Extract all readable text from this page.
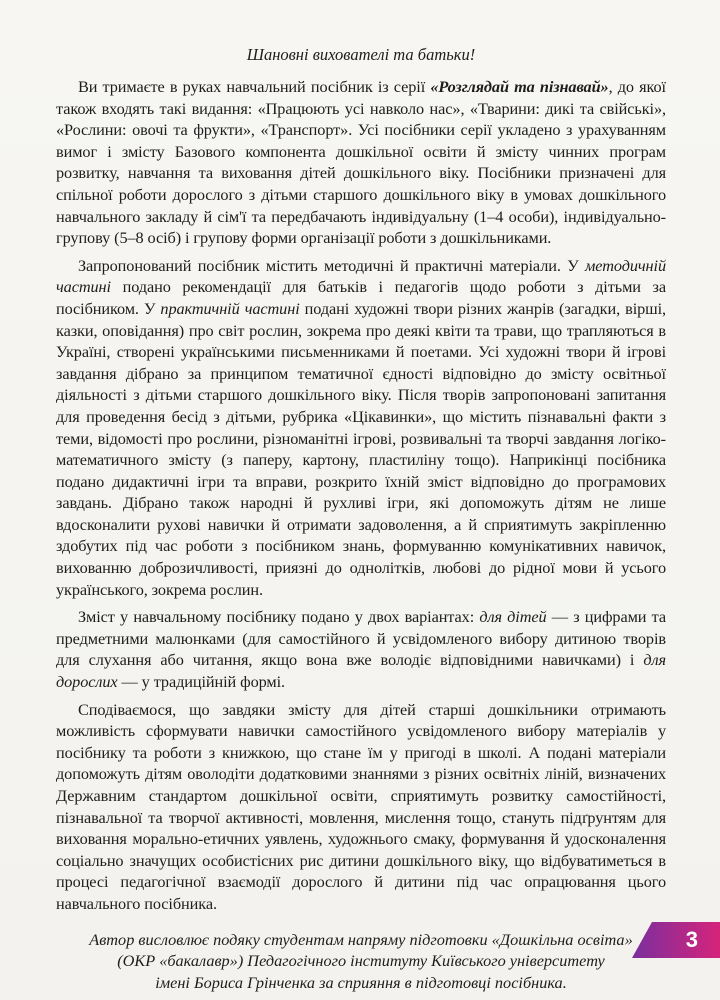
Шановні вихователі та батьки!

Ви тримаєте в руках навчальний посібник із серії «Розглядай та пізнавай», до якої також входять такі видання: «Працюють усі навколо нас», «Тварини: дикі та свійські», «Рослини: овочі та фрукти», «Транспорт». Усі посібники серії укладено з урахуванням вимог і змісту Базового компонента дошкільної освіти й змісту чинних програм розвитку, навчання та виховання дітей дошкільного віку. Посібники призначені для спільної роботи дорослого з дітьми старшого дошкільного віку в умовах дошкільного навчального закладу й сім'ї та передбачають індивідуальну (1–4 особи), індивідуально-групову (5–8 осіб) і групову форми організації роботи з дошкільниками.

Запропонований посібник містить методичні й практичні матеріали. У методичній частині подано рекомендації для батьків і педагогів щодо роботи з дітьми за посібником. У практичній частині подані художні твори різних жанрів (загадки, вірші, казки, оповідання) про світ рослин, зокрема про деякі квіти та трави, що трапляються в Україні, створені українськими письменниками й поетами. Усі художні твори й ігрові завдання дібрано за принципом тематичної єдності відповідно до змісту освітньої діяльності з дітьми старшого дошкільного віку. Після творів запропоновані запитання для проведення бесід з дітьми, рубрика «Цікавинки», що містить пізнавальні факти з теми, відомості про рослини, різноманітні ігрові, розвивальні та творчі завдання логіко-математичного змісту (з паперу, картону, пластиліну тощо). Наприкінці посібника подано дидактичні ігри та вправи, розкрито їхній зміст відповідно до програмових завдань. Дібрано також народні й рухливі ігри, які допоможуть дітям не лише вдосконалити рухові навички й отримати задоволення, а й сприятимуть закріпленню здобутих під час роботи з посібником знань, формуванню комунікативних навичок, вихованню доброзичливості, приязні до однолітків, любові до рідної мови й усього українського, зокрема рослин.

Зміст у навчальному посібнику подано у двох варіантах: для дітей — з цифрами та предметними малюнками (для самостійного й усвідомленого вибору дитиною творів для слухання або читання, якщо вона вже володіє відповідними навичками) і для дорослих — у традиційній формі.

Сподіваємося, що завдяки змісту для дітей старші дошкільники отримають можливість сформувати навички самостійного усвідомленого вибору матеріалів у посібнику та роботи з книжкою, що стане їм у пригоді в школі. А подані матеріали допоможуть дітям оволодіти додатковими знаннями з різних освітніх ліній, визначених Державним стандартом дошкільної освіти, сприятимуть розвитку самостійності, пізнавальної та творчої активності, мовлення, мислення тощо, стануть підґрунтям для виховання морально-етичних уявлень, художнього смаку, формування й удосконалення соціально значущих особистісних рис дитини дошкільного віку, що відбуватиметься в процесі педагогічної взаємодії дорослого й дитини під час опрацювання цього навчального посібника.

Автор висловлює подяку студентам напряму підготовки «Дошкільна освіта»
(ОКР «бакалавр») Педагогічного інституту Київського університету
імені Бориса Грінченка за сприяння в підготовці посібника.
3
